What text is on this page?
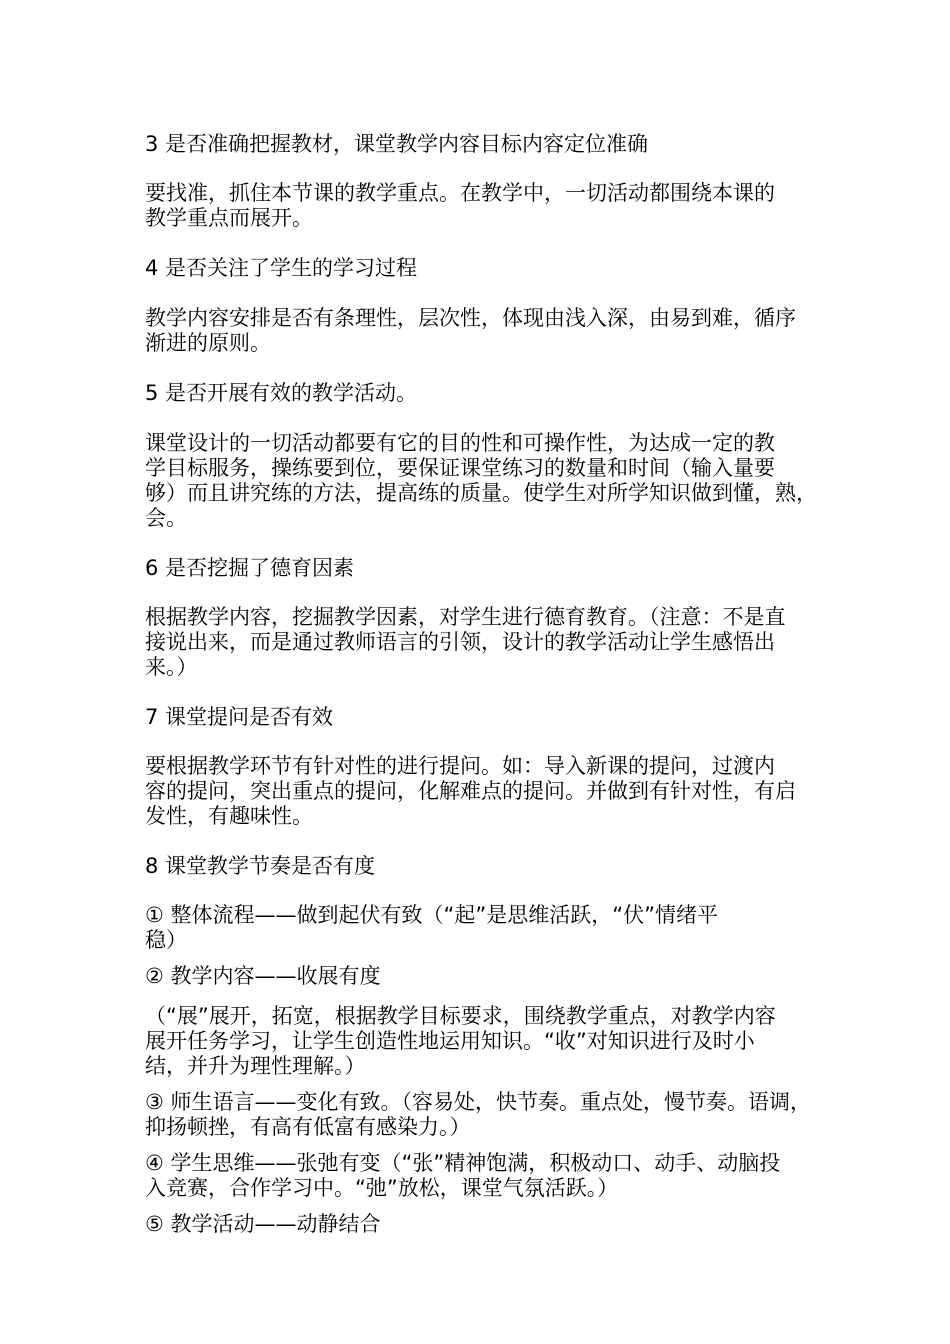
3 是否准确把握教材，课堂教学内容目标内容定位准确

要找准，抓住本节课的教学重点。在教学中，一切活动都围绕本课的
教学重点而展开。

4 是否关注了学生的学习过程

教学内容安排是否有条理性，层次性，体现由浅入深，由易到难，循序
渐进的原则。

5 是否开展有效的教学活动。

课堂设计的一切活动都要有它的目的性和可操作性，为达成一定的教
学目标服务，操练要到位，要保证课堂练习的数量和时间（输入量要
够）而且讲究练的方法，提高练的质量。使学生对所学知识做到懂，熟，
会。

6 是否挖掘了德育因素

根据教学内容，挖掘教学因素，对学生进行德育教育。（注意：不是直
接说出来，而是通过教师语言的引领，设计的教学活动让学生感悟出
来。）

7 课堂提问是否有效

要根据教学环节有针对性的进行提问。如：导入新课的提问，过渡内
容的提问，突出重点的提问，化解难点的提问。并做到有针对性，有启
发性，有趣味性。

8 课堂教学节奏是否有度

① 整体流程——做到起伏有致（“起”是思维活跃，“伏”情绪平
稳）

② 教学内容——收展有度

（“展”展开，拓宽，根据教学目标要求，围绕教学重点，对教学内容
展开任务学习，让学生创造性地运用知识。“收”对知识进行及时小
结，并升为理性理解。）

③ 师生语言——变化有致。（容易处，快节奏。重点处，慢节奏。语调，
抑扬顿挫，有高有低富有感染力。）

④ 学生思维——张弛有变（“张”精神饱满，积极动口、动手、动脑投
入竞赛，合作学习中。“弛”放松，课堂气氛活跃。）

⑤ 教学活动——动静结合
